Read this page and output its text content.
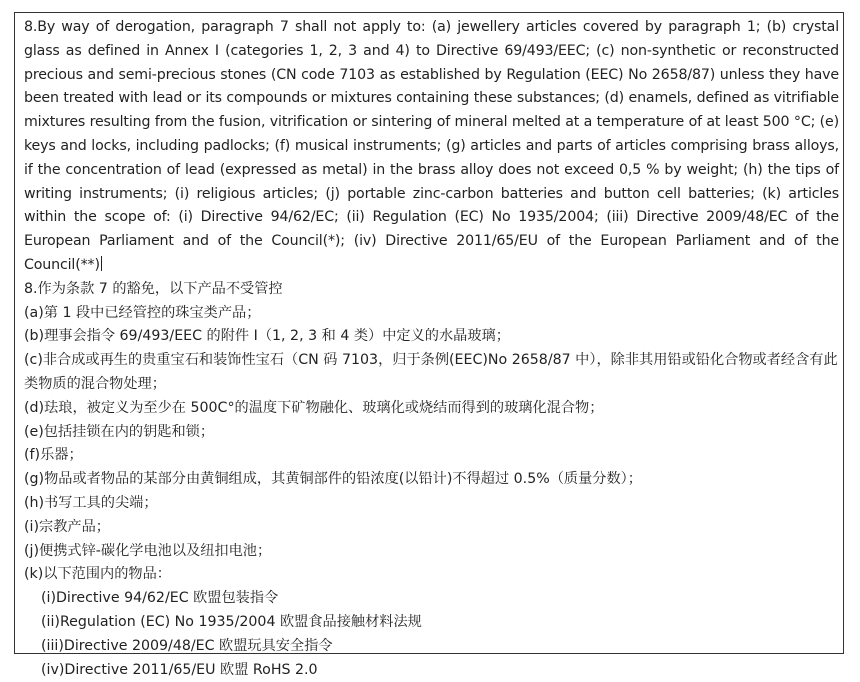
8.By way of derogation, paragraph 7 shall not apply to: (a) jewellery articles covered by paragraph 1; (b) crystal glass as defined in Annex I (categories 1, 2, 3 and 4) to Directive 69/493/EEC; (c) non-synthetic or reconstructed precious and semi-precious stones (CN code 7103 as established by Regulation (EEC) No 2658/87) unless they have been treated with lead or its compounds or mixtures containing these substances; (d) enamels, defined as vitrifiable mixtures resulting from the fusion, vitrification or sintering of mineral melted at a temperature of at least 500 °C; (e) keys and locks, including padlocks; (f) musical instruments; (g) articles and parts of articles comprising brass alloys, if the concentration of lead (expressed as metal) in the brass alloy does not exceed 0,5 % by weight; (h) the tips of writing instruments; (i) religious articles; (j) portable zinc-carbon batteries and button cell batteries; (k) articles within the scope of: (i) Directive 94/62/EC; (ii) Regulation (EC) No 1935/2004; (iii) Directive 2009/48/EC of the European Parliament and of the Council(*); (iv) Directive 2011/65/EU of the European Parliament and of the Council(**)

8.作为条款 7 的豁免，以下产品不受管控

(a)第 1 段中已经管控的珠宝类产品；

(b)理事会指令 69/493/EEC 的附件 I（1, 2, 3 和 4 类）中定义的水晶玻璃；

(c)非合成或再生的贵重宝石和装饰性宝石（CN 码 7103，归于条例(EEC)No 2658/87 中），除非其用铅或铅化合物或者经含有此类物质的混合物处理；

(d)珐琅，被定义为至少在 500C°的温度下矿物融化、玻璃化或烧结而得到的玻璃化混合物；

(e)包括挂锁在内的钥匙和锁；

(f)乐器；

(g)物品或者物品的某部分由黄铜组成，其黄铜部件的铅浓度(以铅计)不得超过 0.5%（质量分数）；

(h)书写工具的尖端；

(i)宗教产品；

(j)便携式锌-碳化学电池以及纽扣电池；

(k)以下范围内的物品：

(i)Directive 94/62/EC 欧盟包装指令

(ii)Regulation (EC) No 1935/2004 欧盟食品接触材料法规

(iii)Directive 2009/48/EC 欧盟玩具安全指令

(iv)Directive 2011/65/EU 欧盟 RoHS 2.0
